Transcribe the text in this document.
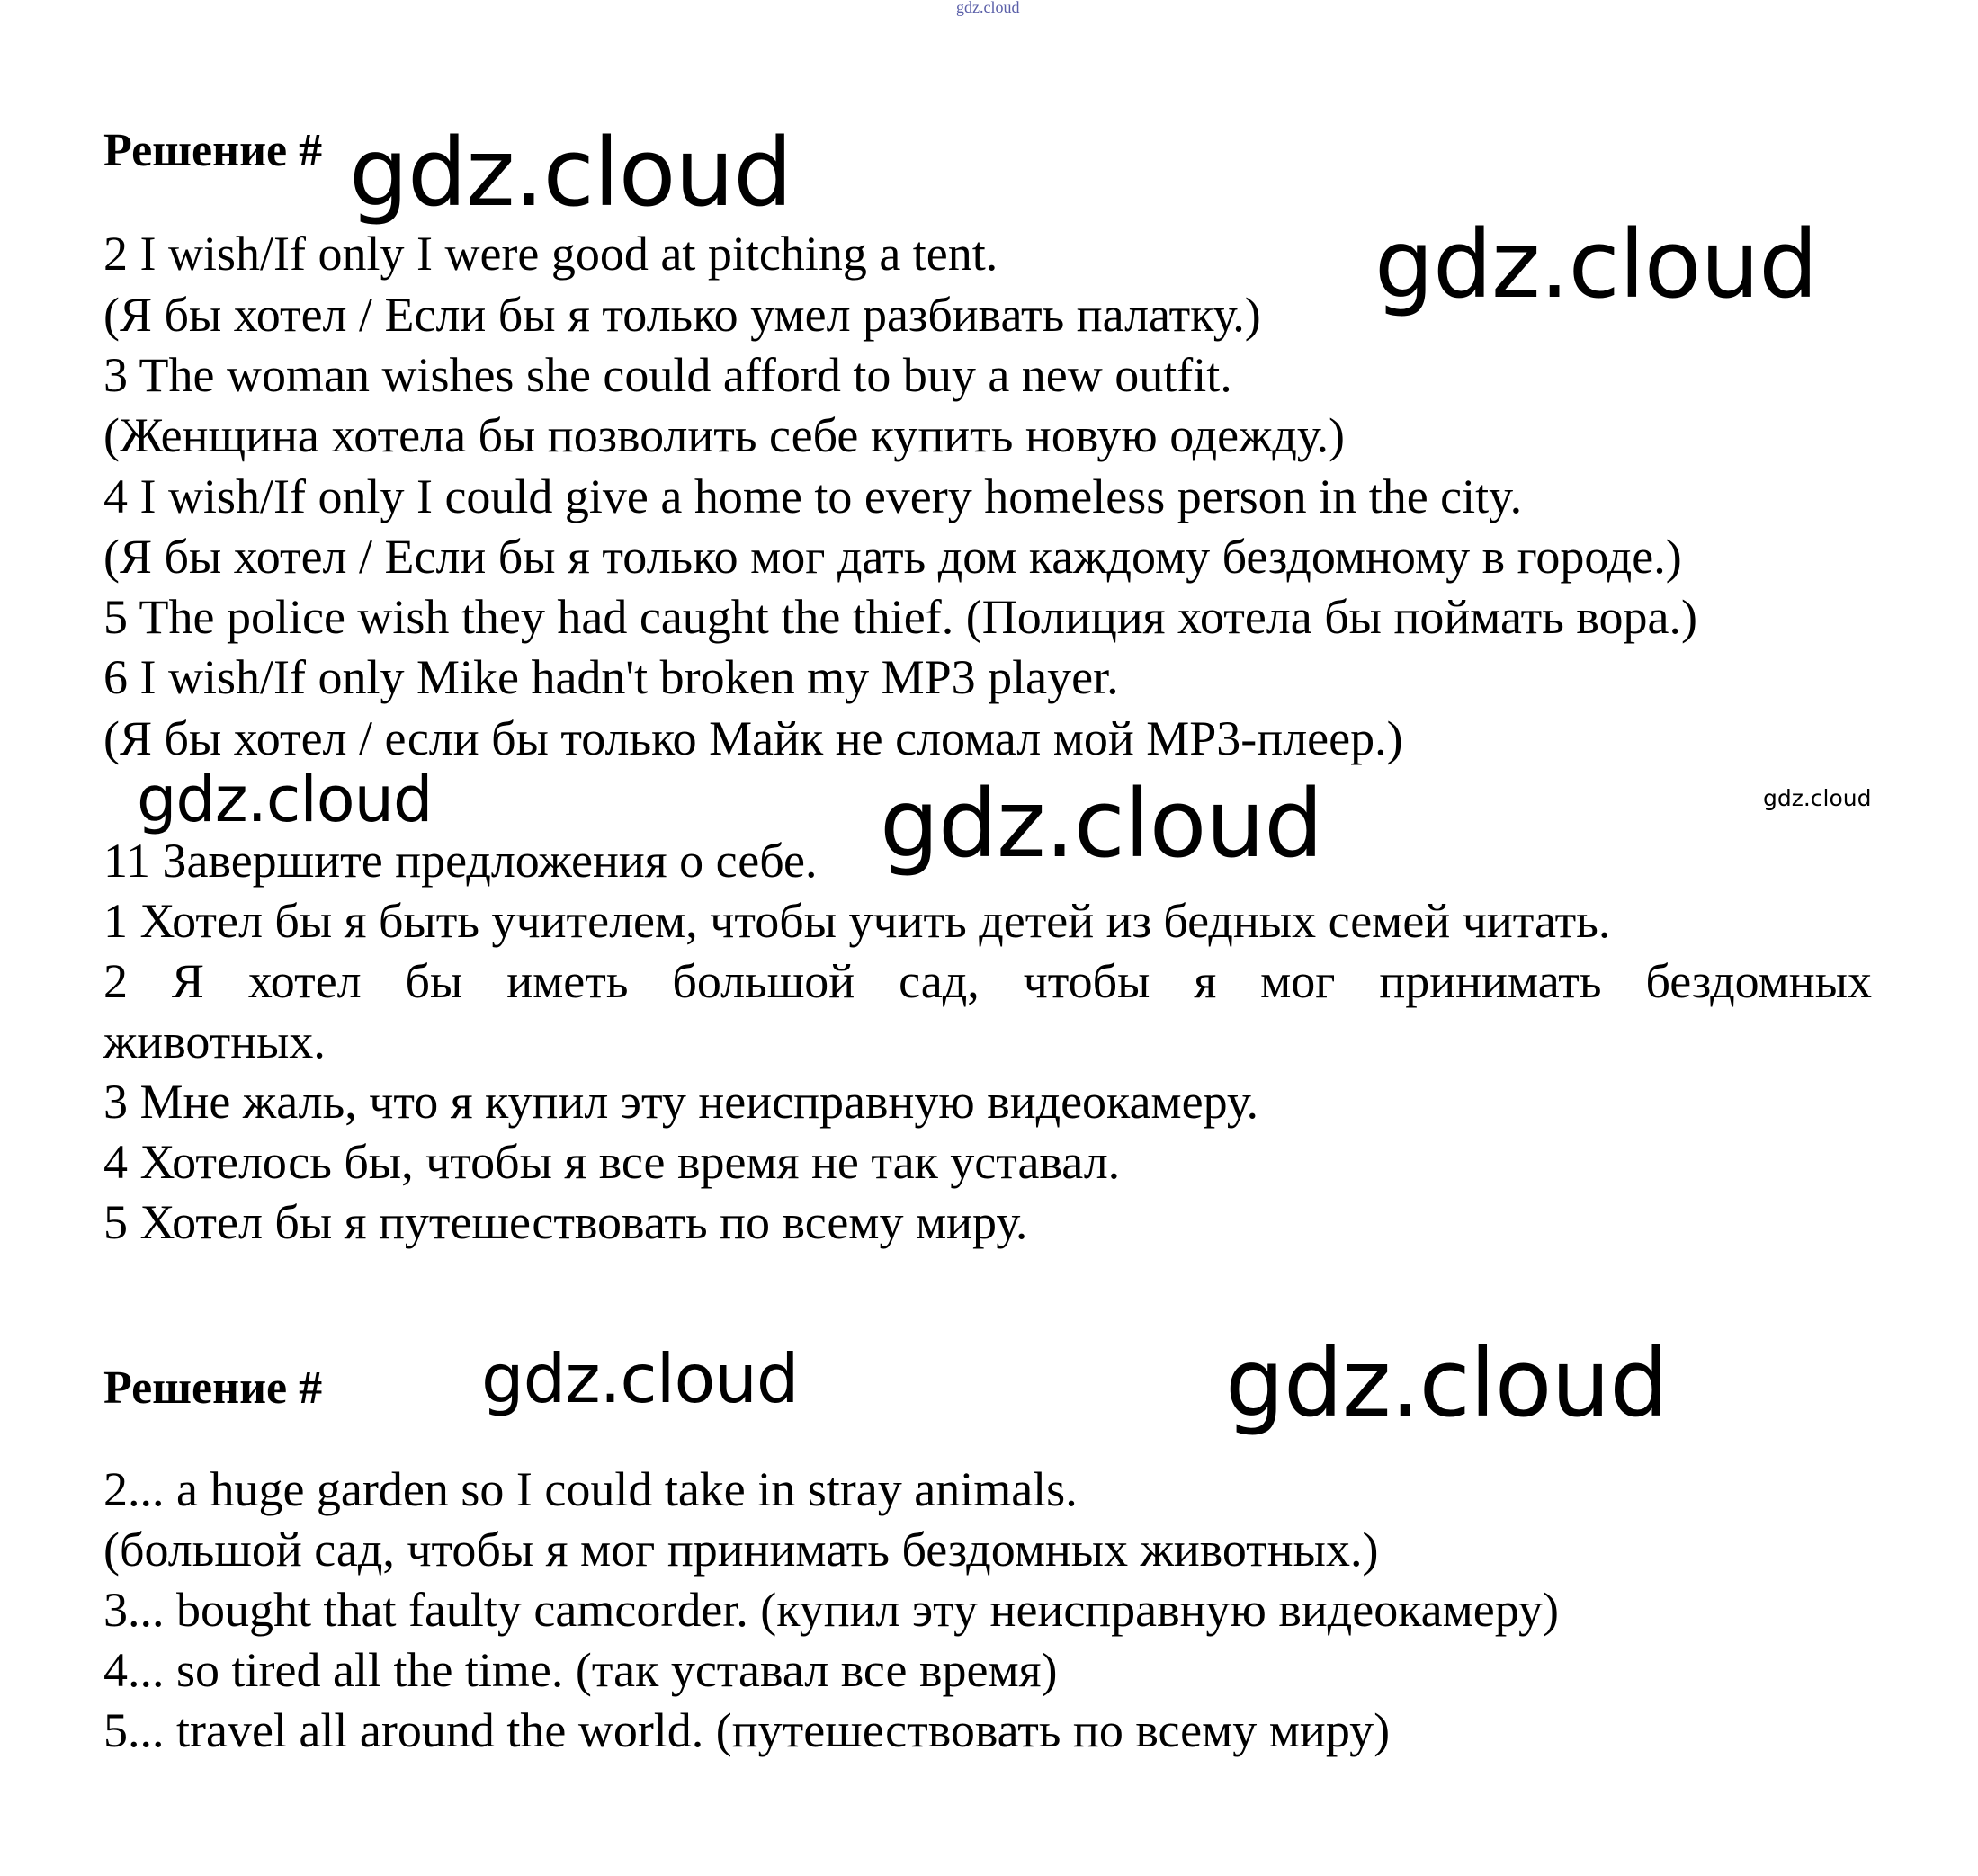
gdz.cloud
Решение # gdz.cloud
2 I wish/If only I were good at pitching a tent.	gdz.cloud
(Я бы хотел / Если бы я только умел разбивать палатку.)
3 The woman wishes she could afford to buy a new outfit.
(Женщина хотела бы позволить себе купить новую одежду.)
4 I wish/If only I could give a home to every homeless person in the city.
(Я бы хотел / Если бы я только мог дать дом каждому бездомному в городе.)
5 The police wish they had caught the thief. (Полиция хотела бы поймать вора.)
6 I wish/If only Mike hadn't broken my MP3 player.
(Я бы хотел / если бы только Майк не сломал мой MP3-плеер.)
gdz.cloud	gdz.cloud	gdz.cloud
11 Завершите предложения о себе.
1 Хотел бы я быть учителем, чтобы учить детей из бедных семей читать.
2 Я хотел бы иметь большой сад, чтобы я мог принимать бездомных
животных.
3 Мне жаль, что я купил эту неисправную видеокамеру.
4 Хотелось бы, чтобы я все время не так уставал.
5 Хотел бы я путешествовать по всему миру.
Решение # gdz.cloud	gdz.cloud
2... a huge garden so I could take in stray animals.
(большой сад, чтобы я мог принимать бездомных животных.)
3... bought that faulty camcorder. (купил эту неисправную видеокамеру)
4... so tired all the time. (так уставал все время)
5... travel all around the world. (путешествовать по всему миру)
